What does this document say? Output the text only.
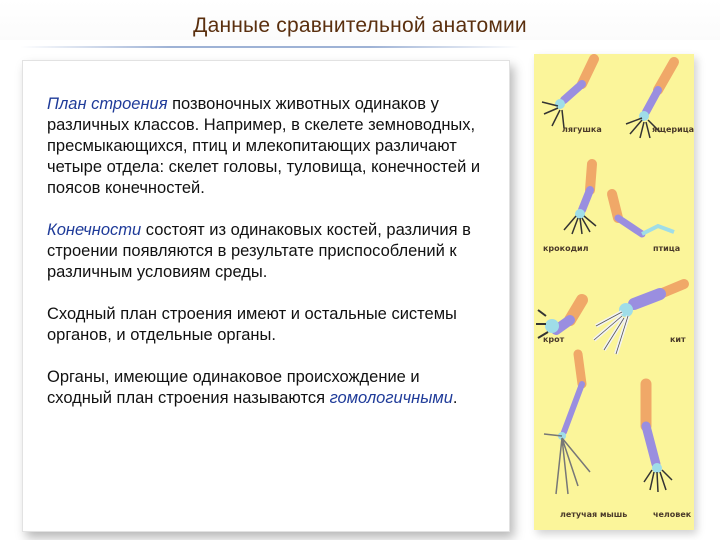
Данные сравнительной анатомии

План строения позвоночных животных одинаков у различных классов. Например, в скелете земноводных, пресмыкающихся, птиц и млекопитающих различают четыре отдела: скелет головы, туловища, конечностей и поясов конечностей.

Конечности состоят из одинаковых костей, различия в строении появляются в результате приспособлений к различным условиям среды.

Сходный план строения имеют и остальные системы органов, и отдельные органы.

Органы, имеющие одинаковое происхождение и сходный план строения называются гомологичными.

лягушка	ящерица
крокодил	птица
крот	кит
летучая мышь	человек
